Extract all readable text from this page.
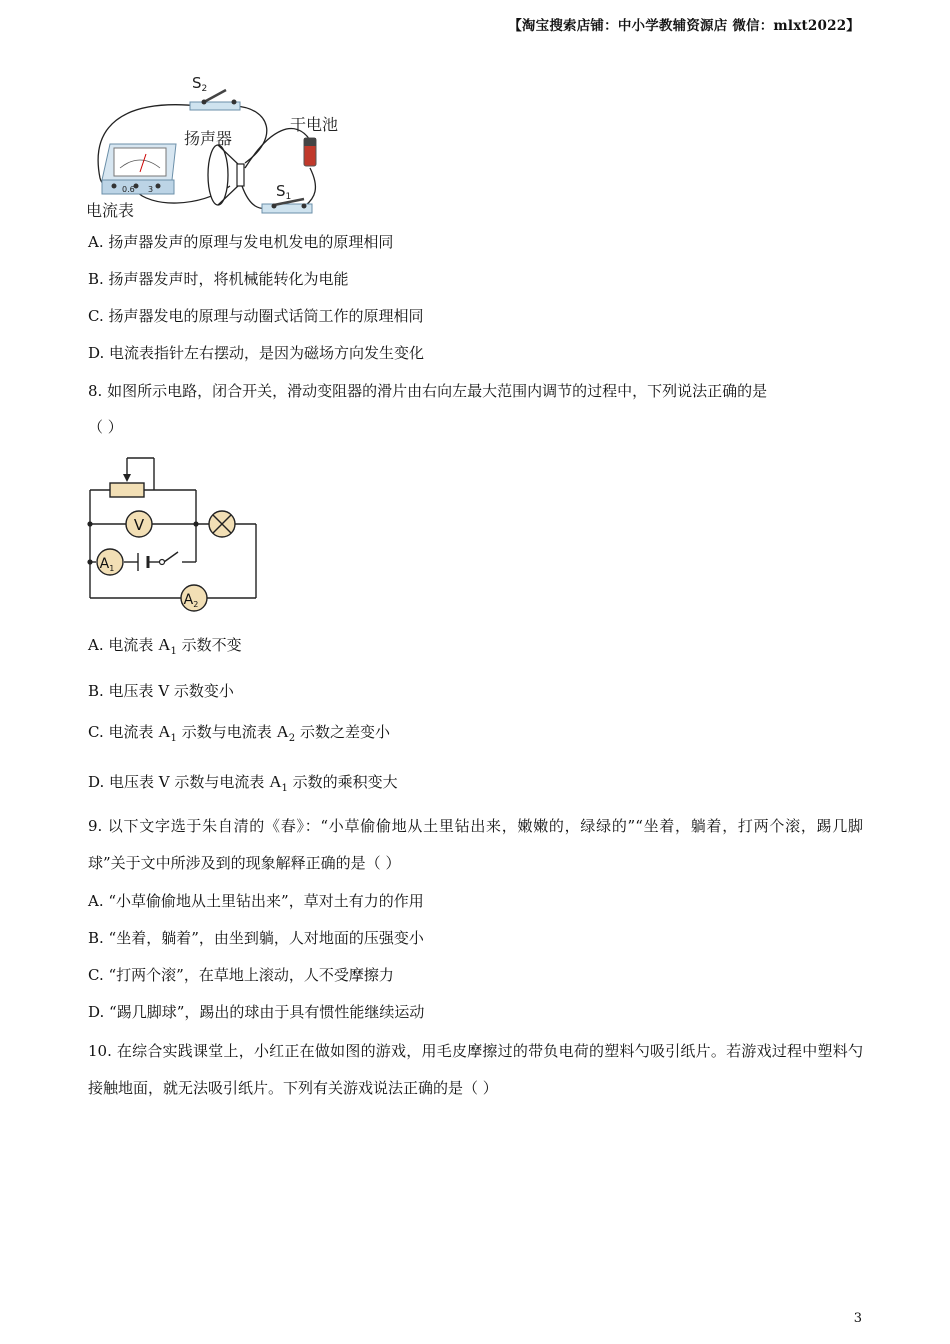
【淘宝搜索店铺：中小学教辅资源店 微信：mlxt2022】
$S_2$
扬声器
干电池
$S_1$
电流表
0.6 3
A. 扬声器发声的原理与发电机发电的原理相同
B. 扬声器发声时，将机械能转化为电能
C. 扬声器发电的原理与动圈式话筒工作的原理相同
D. 电流表指针左右摆动，是因为磁场方向发生变化
8. 如图所示电路，闭合开关，滑动变阻器的滑片由右向左最大范围内调节的过程中，下列说法正确的是
（ ）
V
$A_1$
$A_2$
A. 电流表 $A_1$ 示数不变
B. 电压表 V 示数变小
C. 电流表 $A_1$ 示数与电流表 $A_2$ 示数之差变小
D. 电压表 V 示数与电流表 $A_1$ 示数的乘积变大
9. 以下文字选于朱自清的《春》：“小草偷偷地从土里钻出来，嫩嫩的，绿绿的”“坐着，躺着，打两个滚，踢几脚球”关于文中所涉及到的现象解释正确的是（ ）
A. “小草偷偷地从土里钻出来”，草对土有力的作用
B. “坐着，躺着”，由坐到躺，人对地面的压强变小
C. “打两个滚”，在草地上滚动，人不受摩擦力
D. “踢几脚球”，踢出的球由于具有惯性能继续运动
10. 在综合实践课堂上，小红正在做如图的游戏，用毛皮摩擦过的带负电荷的塑料勺吸引纸片。若游戏过程中塑料勺接触地面，就无法吸引纸片。下列有关游戏说法正确的是（ ）
3
